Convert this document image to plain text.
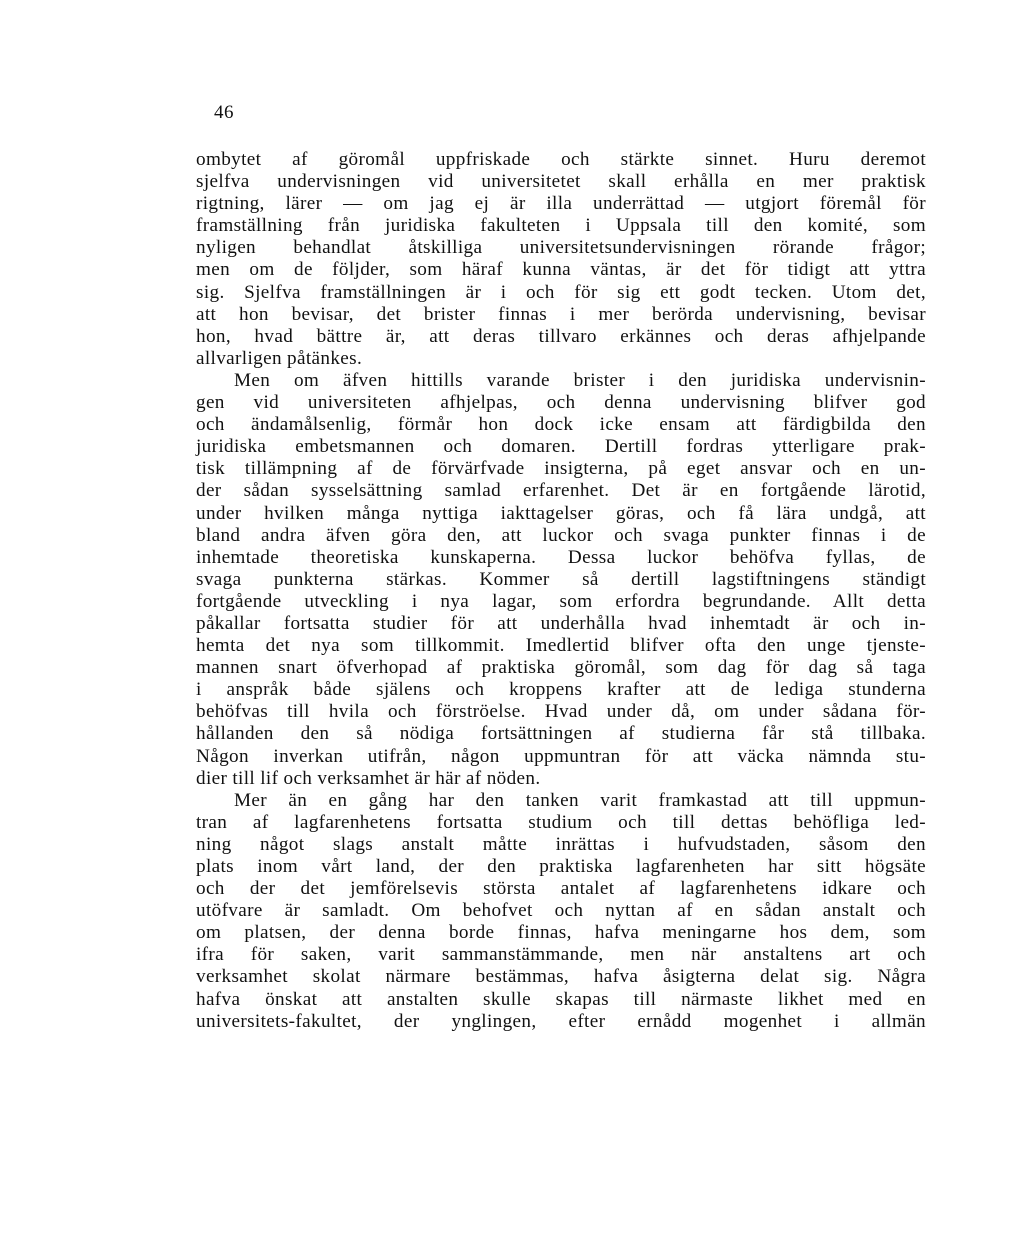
46
ombytet af göromål uppfriskade och stärkte sinnet. Huru deremot
sjelfva undervisningen vid universitetet skall erhålla en mer praktisk
rigtning, lärer — om jag ej är illa underrättad — utgjort föremål för
framställning från juridiska fakulteten i Uppsala till den komité, som
nyligen behandlat åtskilliga universitetsundervisningen rörande frågor;
men om de följder, som häraf kunna väntas, är det för tidigt att yttra
sig. Sjelfva framställningen är i och för sig ett godt tecken. Utom det,
att hon bevisar, det brister finnas i mer berörda undervisning, bevisar
hon, hvad bättre är, att deras tillvaro erkännes och deras afhjelpande
allvarligen påtänkes.
Men om äfven hittills varande brister i den juridiska undervisnin-
gen vid universiteten afhjelpas, och denna undervisning blifver god
och ändamålsenlig, förmår hon dock icke ensam att färdigbilda den
juridiska embetsmannen och domaren. Dertill fordras ytterligare prak-
tisk tillämpning af de förvärfvade insigterna, på eget ansvar och en un-
der sådan sysselsättning samlad erfarenhet. Det är en fortgående lärotid,
under hvilken många nyttiga iakttagelser göras, och få lära undgå, att
bland andra äfven göra den, att luckor och svaga punkter finnas i de
inhemtade theoretiska kunskaperna. Dessa luckor behöfva fyllas, de
svaga punkterna stärkas. Kommer så dertill lagstiftningens ständigt
fortgående utveckling i nya lagar, som erfordra begrundande. Allt detta
påkallar fortsatta studier för att underhålla hvad inhemtadt är och in-
hemta det nya som tillkommit. Imedlertid blifver ofta den unge tjenste-
mannen snart öfverhopad af praktiska göromål, som dag för dag så taga
i anspråk både själens och kroppens krafter att de lediga stunderna
behöfvas till hvila och förströelse. Hvad under då, om under sådana för-
hållanden den så nödiga fortsättningen af studierna får stå tillbaka.
Någon inverkan utifrån, någon uppmuntran för att väcka nämnda stu-
dier till lif och verksamhet är här af nöden.
Mer än en gång har den tanken varit framkastad att till uppmun-
tran af lagfarenhetens fortsatta studium och till dettas behöfliga led-
ning något slags anstalt måtte inrättas i hufvudstaden, såsom den
plats inom vårt land, der den praktiska lagfarenheten har sitt högsäte
och der det jemförelsevis största antalet af lagfarenhetens idkare och
utöfvare är samladt. Om behofvet och nyttan af en sådan anstalt och
om platsen, der denna borde finnas, hafva meningarne hos dem, som
ifra för saken, varit sammanstämmande, men när anstaltens art och
verksamhet skolat närmare bestämmas, hafva åsigterna delat sig. Några
hafva önskat att anstalten skulle skapas till närmaste likhet med en
universitets-fakultet, der ynglingen, efter ernådd mogenhet i allmän
